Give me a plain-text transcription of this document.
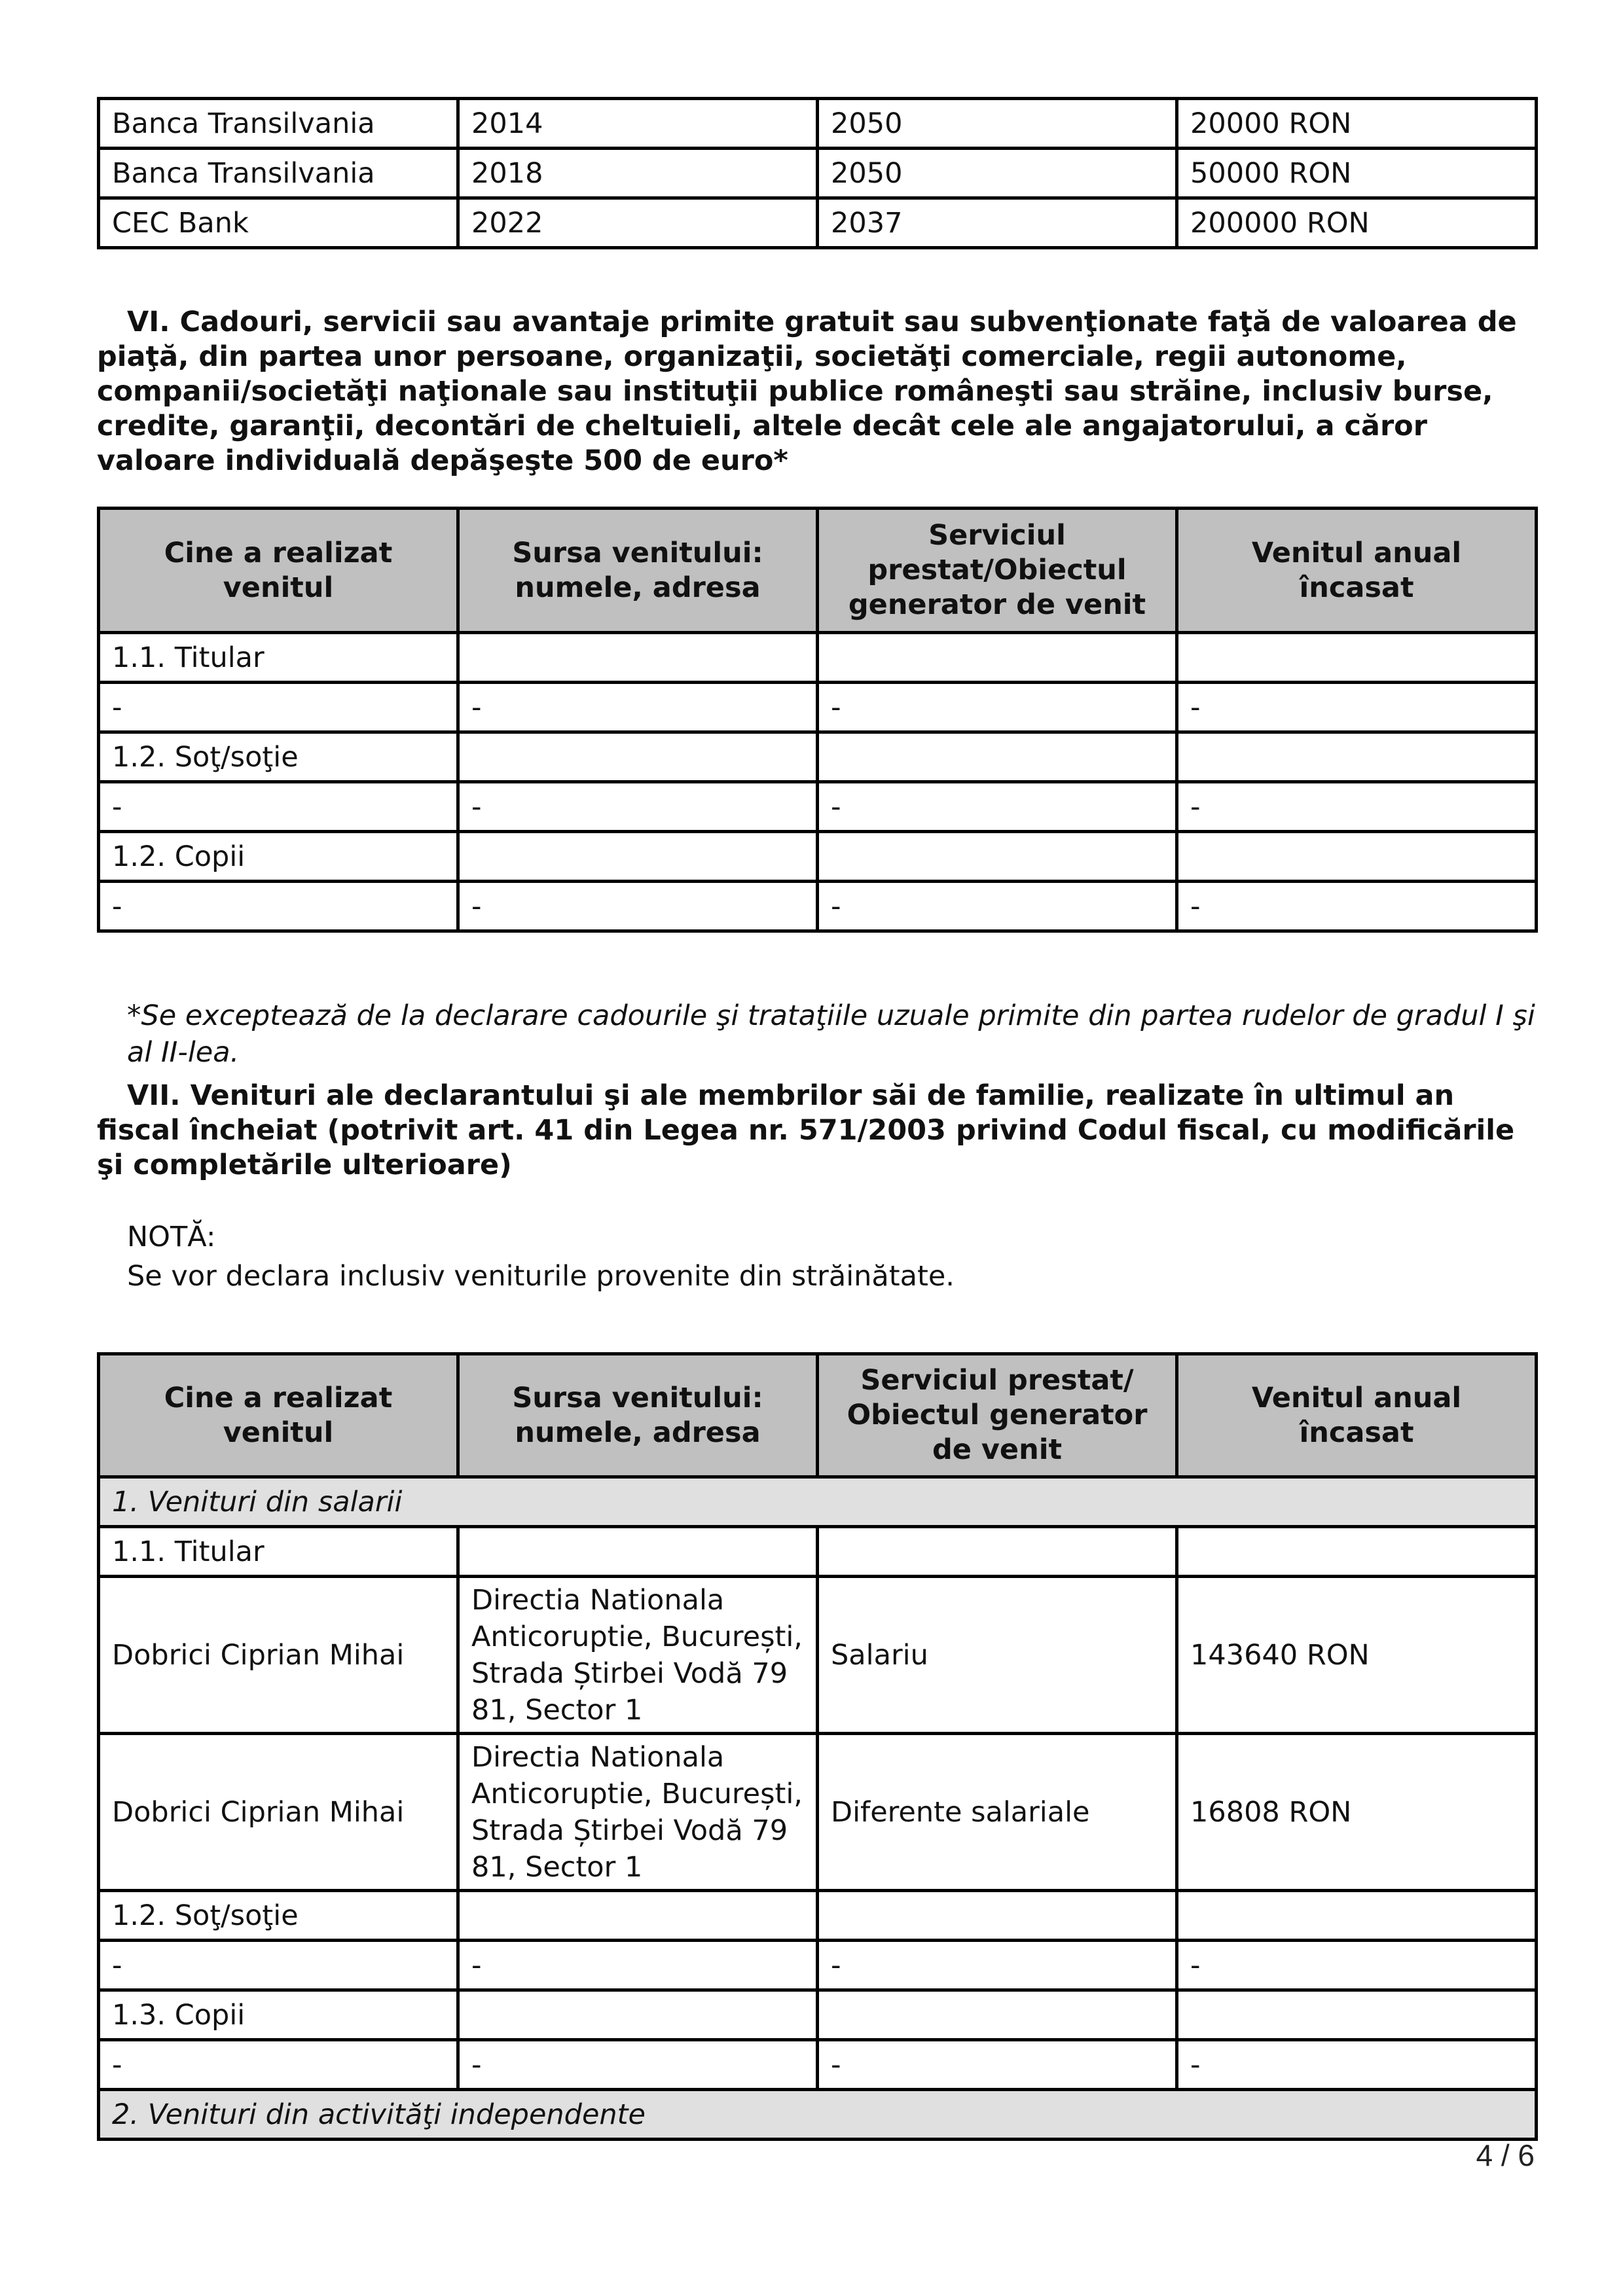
Banca Transilvania	2014	2050	20000 RON
Banca Transilvania	2018	2050	50000 RON
CEC Bank	2022	2037	200000 RON

VI. Cadouri, servicii sau avantaje primite gratuit sau subvenţionate faţă de valoarea de piaţă, din partea unor persoane, organizaţii, societăţi comerciale, regii autonome, companii/societăţi naţionale sau instituţii publice româneşti sau străine, inclusiv burse, credite, garanţii, decontări de cheltuieli, altele decât cele ale angajatorului, a căror valoare individuală depăşeşte 500 de euro*

Cine a realizat venitul	Sursa venitului: numele, adresa	Serviciul prestat/Obiectul generator de venit	Venitul anual încasat
1.1. Titular			
-	-	-	-
1.2. Soţ/soţie			
-	-	-	-
1.2. Copii			
-	-	-	-

*Se exceptează de la declarare cadourile şi trataţiile uzuale primite din partea rudelor de gradul I şi al II-lea.

VII. Venituri ale declarantului şi ale membrilor săi de familie, realizate în ultimul an fiscal încheiat (potrivit art. 41 din Legea nr. 571/2003 privind Codul fiscal, cu modificările şi completările ulterioare)

NOTĂ:

Se vor declara inclusiv veniturile provenite din străinătate.

Cine a realizat venitul	Sursa venitului: numele, adresa	Serviciul prestat/ Obiectul generator de venit	Venitul anual încasat
1. Venituri din salarii			
1.1. Titular			
Dobrici Ciprian Mihai	Directia Nationala Anticoruptie, București, Strada Știrbei Vodă 79 81, Sector 1	Salariu	143640 RON
Dobrici Ciprian Mihai	Directia Nationala Anticoruptie, București, Strada Știrbei Vodă 79 81, Sector 1	Diferente salariale	16808 RON
1.2. Soţ/soţie			
-	-	-	-
1.3. Copii			
-	-	-	-
2. Venituri din activităţi independente			
4 / 6
